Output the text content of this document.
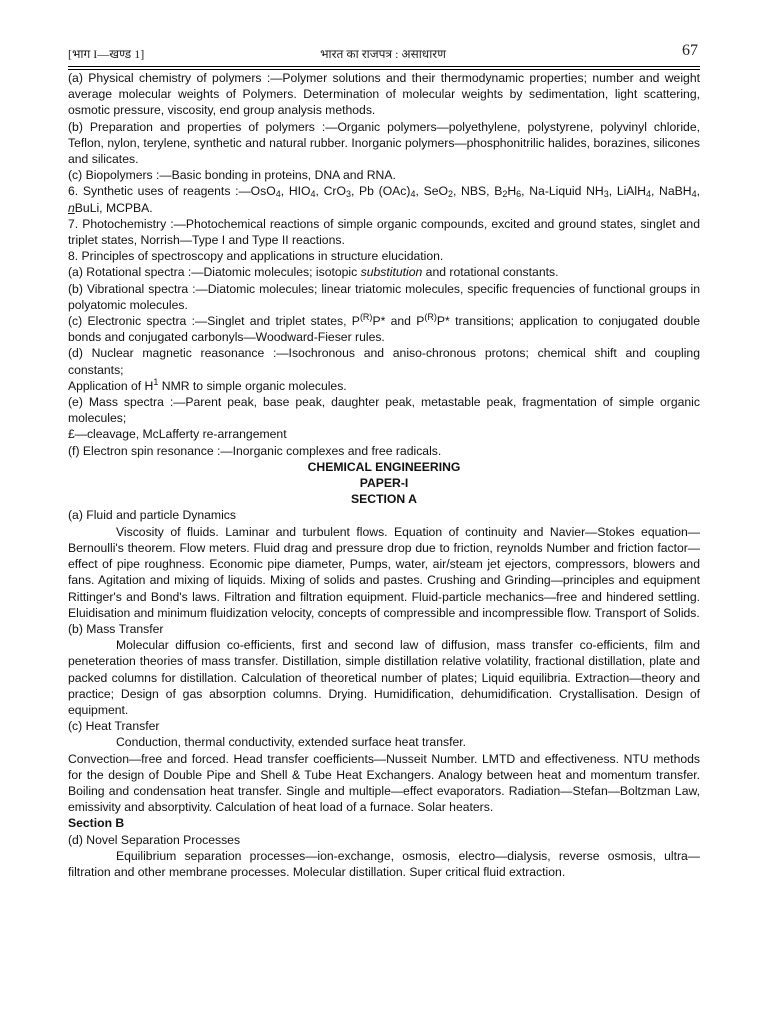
[भाग I—खण्ड 1]	भारत का राजपत्र : असाधारण	67

(a) Physical chemistry of polymers :—Polymer solutions and their thermodynamic properties; number and weight average molecular weights of Polymers. Determination of molecular weights by sedimentation, light scattering, osmotic pressure, viscosity, end group analysis methods.

(b) Preparation and properties of polymers :—Organic polymers—polyethylene, polystyrene, polyvinyl chloride, Teflon, nylon, terylene, synthetic and natural rubber. Inorganic polymers—phosphonitrilic halides, borazines, silicones and silicates.

(c) Biopolymers :—Basic bonding in proteins, DNA and RNA.

6. Synthetic uses of reagents :—OsO$_4$, $HIO_4$, CrO$_3$, Pb $(OAc)_4$, SeO$_2$, NBS, $B_2H_6$, Na-Liquid $NH_3$, LiAlH$_4$, NaBH$_4$, nBuLi, MCPBA.

7. Photochemistry :—Photochemical reactions of simple organic compounds, excited and ground states, singlet and triplet states, Norrish—Type I and Type II reactions.

8. Principles of spectroscopy and applications in structure elucidation.

(a) Rotational spectra :—Diatomic molecules; isotopic substitution and rotational constants.

(b) Vibrational spectra :—Diatomic molecules; linear triatomic molecules, specific frequencies of functional groups in polyatomic molecules.

(c) Electronic spectra :—Singlet and triplet states, $P^{(R)}P*$ and $P^{(R)}P*$ transitions; application to conjugated double bonds and conjugated carbonyls—Woodward-Fieser rules.

(d) Nuclear magnetic reasonance :—Isochronous and aniso-chronous protons; chemical shift and coupling constants;

Application of $H^1$ NMR to simple organic molecules.

(e) Mass spectra :—Parent peak, base peak, daughter peak, metastable peak, fragmentation of simple organic molecules;

£—cleavage, McLafferty re-arrangement

(f) Electron spin resonance :—Inorganic complexes and free radicals.

CHEMICAL ENGINEERING

PAPER-I

SECTION A

(a) Fluid and particle Dynamics

Viscosity of fluids. Laminar and turbulent flows. Equation of continuity and Navier—Stokes equation—Bernoulli's theorem. Flow meters. Fluid drag and pressure drop due to friction, reynolds Number and friction factor—effect of pipe roughness. Economic pipe diameter, Pumps, water, air/steam jet ejectors, compressors, blowers and fans. Agitation and mixing of liquids. Mixing of solids and pastes. Crushing and Grinding—principles and equipment Rittinger's and Bond's laws. Filtration and filtration equipment. Fluid-particle mechanics—free and hindered settling. Eluidisation and minimum fluidization velocity, concepts of compressible and incompressible flow. Transport of Solids.

(b) Mass Transfer

Molecular diffusion co-efficients, first and second law of diffusion, mass transfer co-efficients, film and peneteration theories of mass transfer. Distillation, simple distillation relative volatility, fractional distillation, plate and packed columns for distillation. Calculation of theoretical number of plates; Liquid equilibria. Extraction—theory and practice; Design of gas absorption columns. Drying. Humidification, dehumidification. Crystallisation. Design of equipment.

(c) Heat Transfer

Conduction, thermal conductivity, extended surface heat transfer.

Convection—free and forced. Head transfer coefficients—Nusseit Number. LMTD and effectiveness. NTU methods for the design of Double Pipe and Shell & Tube Heat Exchangers. Analogy between heat and momentum transfer. Boiling and condensation heat transfer. Single and multiple—effect evaporators. Radiation—Stefan—Boltzman Law, emissivity and absorptivity. Calculation of heat load of a furnace. Solar heaters.

Section B

(d) Novel Separation Processes

Equilibrium separation processes—ion-exchange, osmosis, electro—dialysis, reverse osmosis, ultra—filtration and other membrane processes. Molecular distillation. Super critical fluid extraction.
